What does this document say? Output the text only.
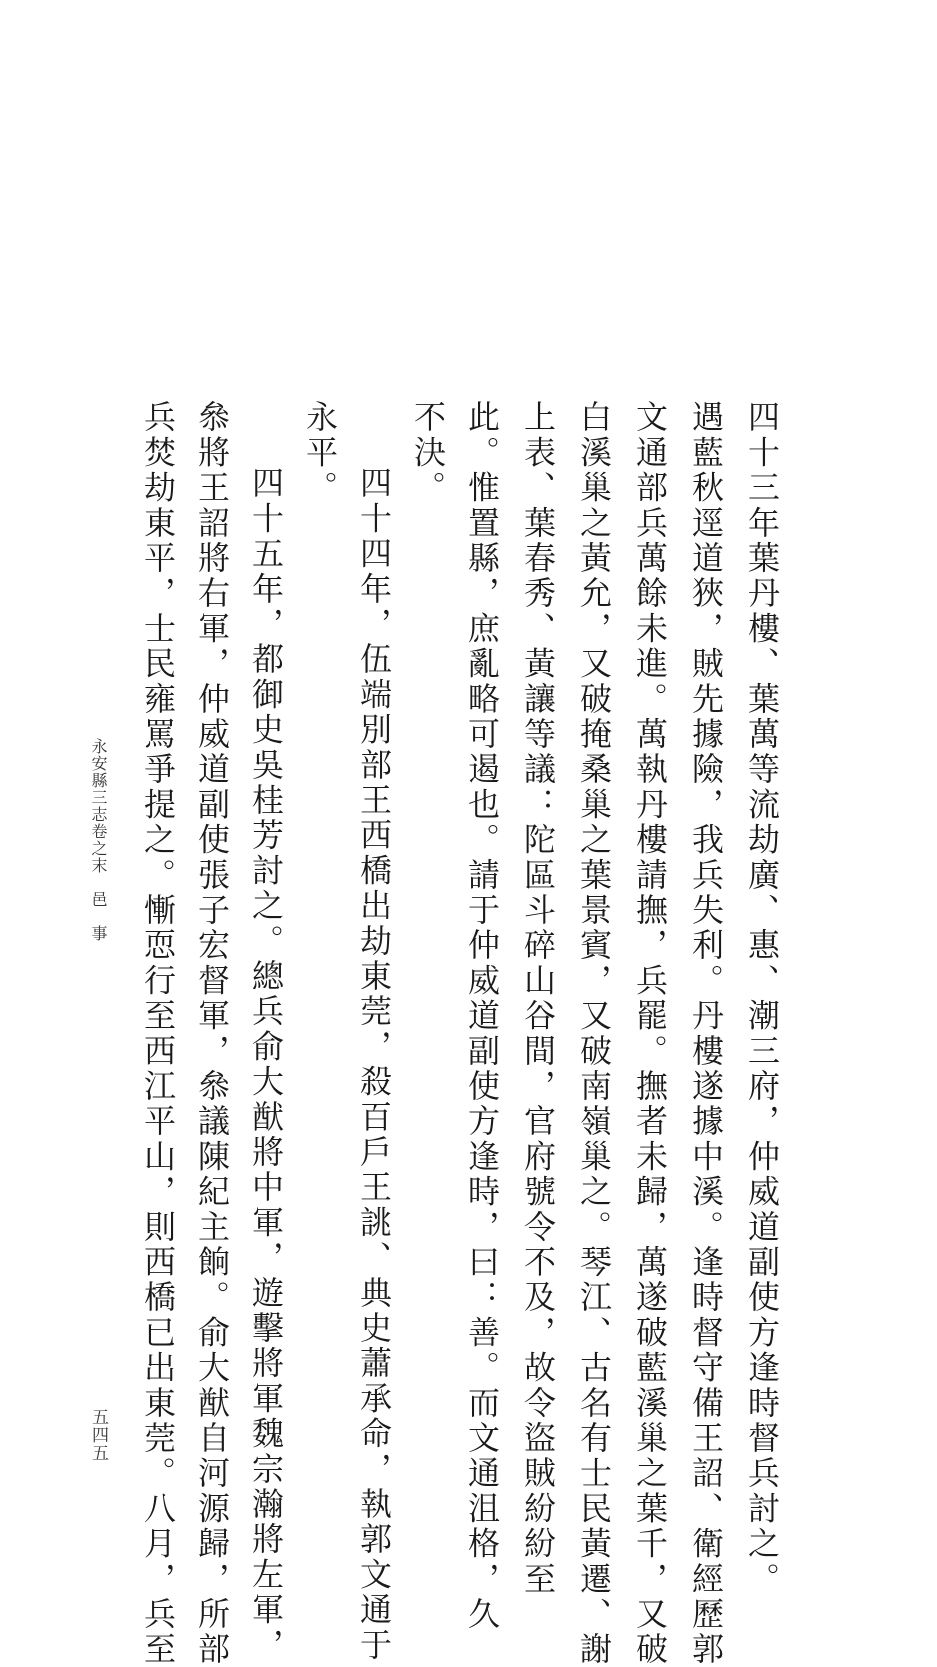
四十三年葉丹樓、葉萬等流劫廣、惠、潮三府，仲威道副使方逢時督兵討之。
遇藍秋逕道狹，賊先據險，我兵失利。丹樓遂據中溪。逢時督守備王詔、衛經歷郭
文通部兵萬餘未進。萬執丹樓請撫，兵罷。撫者未歸，萬遂破藍溪巢之葉千，又破
白溪巢之黃允，又破掩桑巢之葉景賓，又破南嶺巢之。琴江、古名有士民黃遷、謝
上表、葉春秀、黃讓等議：陀區斗碎山谷間，官府號令不及，故令盜賊紛紛至
此。惟置縣，庶亂略可遏也。請于仲威道副使方逢時，曰：善。而文通沮格，久
不決。
四十四年，伍端別部王西橋出劫東莞，殺百戶王誂、典史蕭承命，執郭文通于
永平。
四十五年，都御史吳桂芳討之。總兵俞大猷將中軍，遊擊將軍魏宗瀚將左軍，
叅將王詔將右軍，仲威道副使張子宏督軍，叅議陳紀主餉。俞大猷自河源歸，所部
兵焚劫東平，士民雍罵爭提之。慚恧行至西江平山，則西橋已出東莞。八月，兵至
永安縣三志卷之末　邑　事
五四五
